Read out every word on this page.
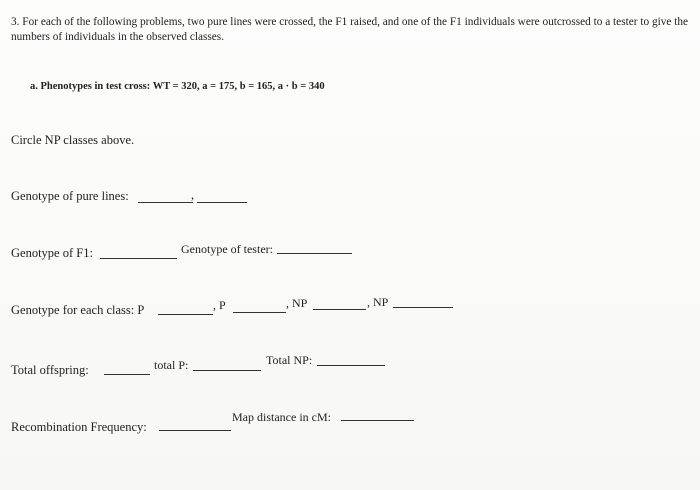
3. For each of the following problems, two pure lines were crossed, the F1 raised, and one of the F1 individuals were outcrossed to a tester to give the numbers of individuals in the observed classes.
a. Phenotypes in test cross: WT = 320, a = 175, b = 165, a · b = 340
Circle NP classes above.
Genotype of pure lines:	,
Genotype of F1:	Genotype of tester:
Genotype for each class: P	, P	, NP	, NP
Total offspring:	total P:	Total NP:
Recombination Frequency:
Map distance in cM:
